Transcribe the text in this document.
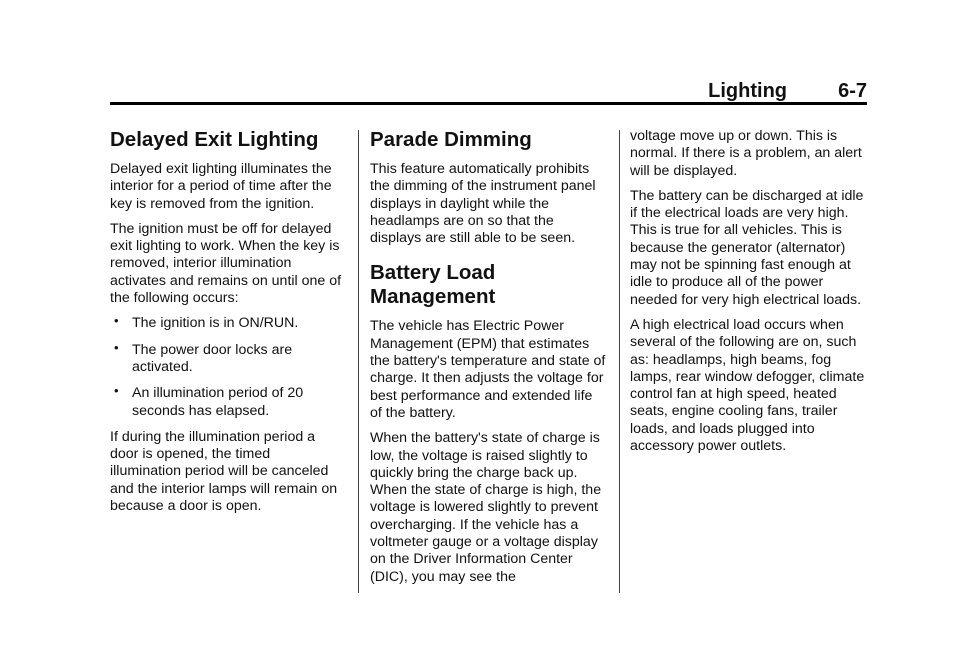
Lighting	6-7
Delayed Exit Lighting

Delayed exit lighting illuminates the interior for a period of time after the key is removed from the ignition.

The ignition must be off for delayed exit lighting to work. When the key is removed, interior illumination activates and remains on until one of the following occurs:

• The ignition is in ON/RUN.
• The power door locks are activated.
• An illumination period of 20 seconds has elapsed.

If during the illumination period a door is opened, the timed illumination period will be canceled and the interior lamps will remain on because a door is open.

Parade Dimming

This feature automatically prohibits the dimming of the instrument panel displays in daylight while the headlamps are on so that the displays are still able to be seen.

Battery Load Management

The vehicle has Electric Power Management (EPM) that estimates the battery's temperature and state of charge. It then adjusts the voltage for best performance and extended life of the battery.

When the battery's state of charge is low, the voltage is raised slightly to quickly bring the charge back up. When the state of charge is high, the voltage is lowered slightly to prevent overcharging. If the vehicle has a voltmeter gauge or a voltage display on the Driver Information Center (DIC), you may see the

voltage move up or down. This is normal. If there is a problem, an alert will be displayed.

The battery can be discharged at idle if the electrical loads are very high. This is true for all vehicles. This is because the generator (alternator) may not be spinning fast enough at idle to produce all of the power needed for very high electrical loads.

A high electrical load occurs when several of the following are on, such as: headlamps, high beams, fog lamps, rear window defogger, climate control fan at high speed, heated seats, engine cooling fans, trailer loads, and loads plugged into accessory power outlets.
